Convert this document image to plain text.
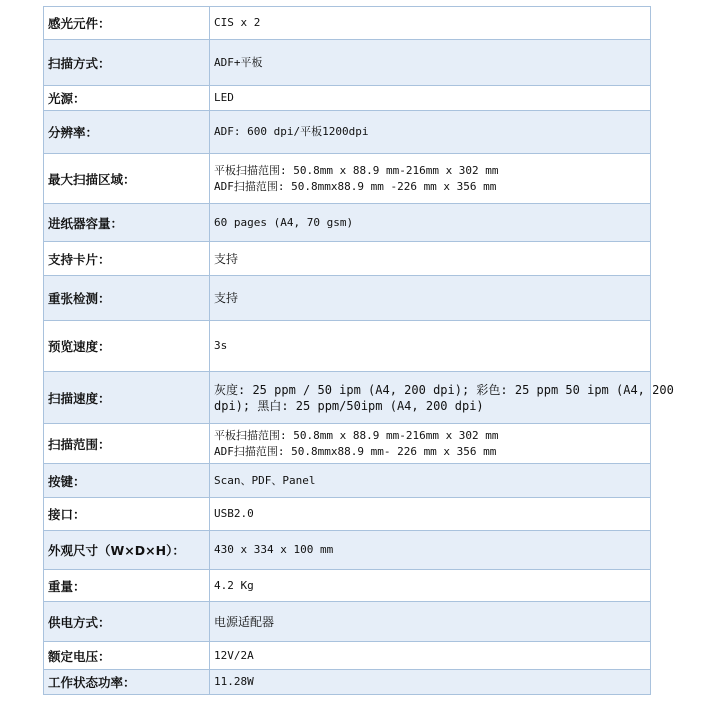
感光元件：	CIS x 2

扫描方式：	ADF+平板

光源：	LED

分辨率：	ADF: 600 dpi/平板1200dpi

最大扫描区域：	平板扫描范围: 50.8mm x 88.9 mm-216mm x 302 mm
ADF扫描范围: 50.8mmx88.9 mm -226 mm x 356 mm

进纸器容量：	60 pages (A4, 70 gsm)

支持卡片：	支持

重张检测：	支持

预览速度：	3s

扫描速度：	灰度: 25 ppm / 50 ipm (A4, 200 dpi); 彩色: 25 ppm 50 ipm (A4, 200
dpi); 黑白: 25 ppm/50ipm (A4, 200 dpi)

扫描范围：	平板扫描范围: 50.8mm x 88.9 mm-216mm x 302 mm
ADF扫描范围: 50.8mmx88.9 mm- 226 mm x 356 mm

按键：	Scan、PDF、Panel

接口：	USB2.0

外观尺寸（W×D×H）：	430 x 334 x 100 mm

重量：	4.2 Kg

供电方式：	电源适配器

额定电压：	12V/2A

工作状态功率：	11.28W
